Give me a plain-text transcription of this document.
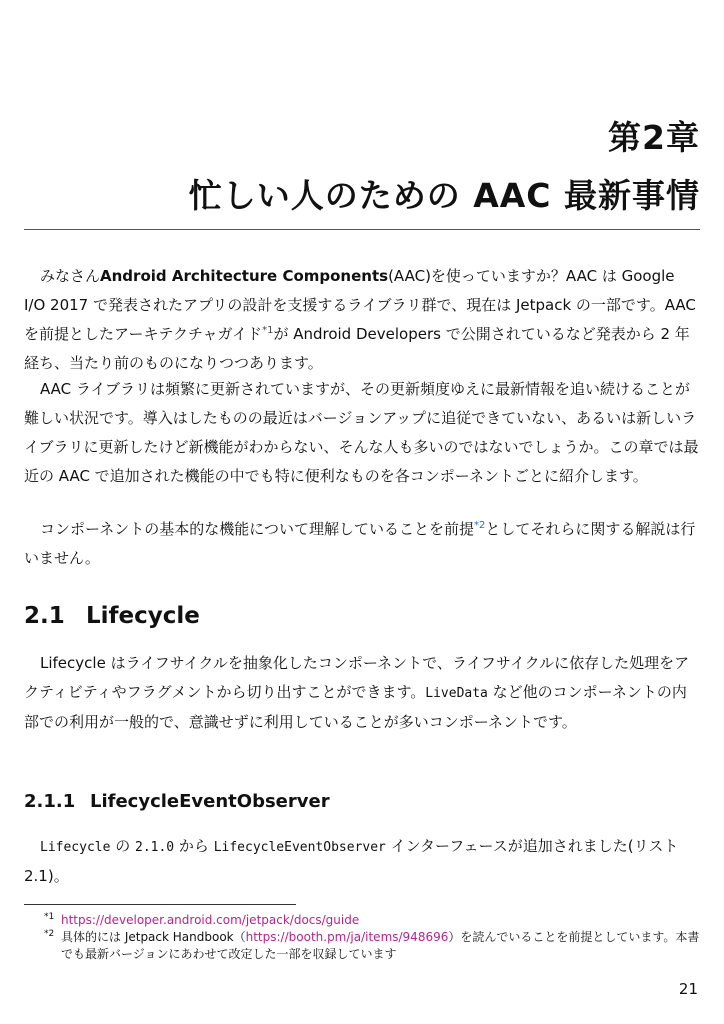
第2章
忙しい人のための AAC 最新事情

みなさんAndroid Architecture Components(AAC)を使っていますか？AAC は Google I/O 2017 で発表されたアプリの設計を支援するライブラリ群で、現在は Jetpack の一部です。AAC を前提としたアーキテクチャガイド$^{*1}$が Android Developers で公開されているなど発表から 2 年経ち、当たり前のものになりつつあります。

AAC ライブラリは頻繁に更新されていますが、その更新頻度ゆえに最新情報を追い続けることが難しい状況です。導入はしたものの最近はバージョンアップに追従できていない、あるいは新しいライブラリに更新したけど新機能がわからない、そんな人も多いのではないでしょうか。この章では最近の AAC で追加された機能の中でも特に便利なものを各コンポーネントごとに紹介します。

コンポーネントの基本的な機能について理解していることを前提$^{*2}$としてそれらに関する解説は行いません。

2.1 Lifecycle

Lifecycle はライフサイクルを抽象化したコンポーネントで、ライフサイクルに依存した処理をアクティビティやフラグメントから切り出すことができます。LiveData など他のコンポーネントの内部での利用が一般的で、意識せずに利用していることが多いコンポーネントです。

2.1.1 LifecycleEventObserver

Lifecycle の 2.1.0 から LifecycleEventObserver インターフェースが追加されました(リスト 2.1)。

*1 https://developer.android.com/jetpack/docs/guide
*2 具体的には Jetpack Handbook（https://booth.pm/ja/items/948696）を読んでいることを前提としています。本書でも最新バージョンにあわせて改定した一部を収録しています

21
